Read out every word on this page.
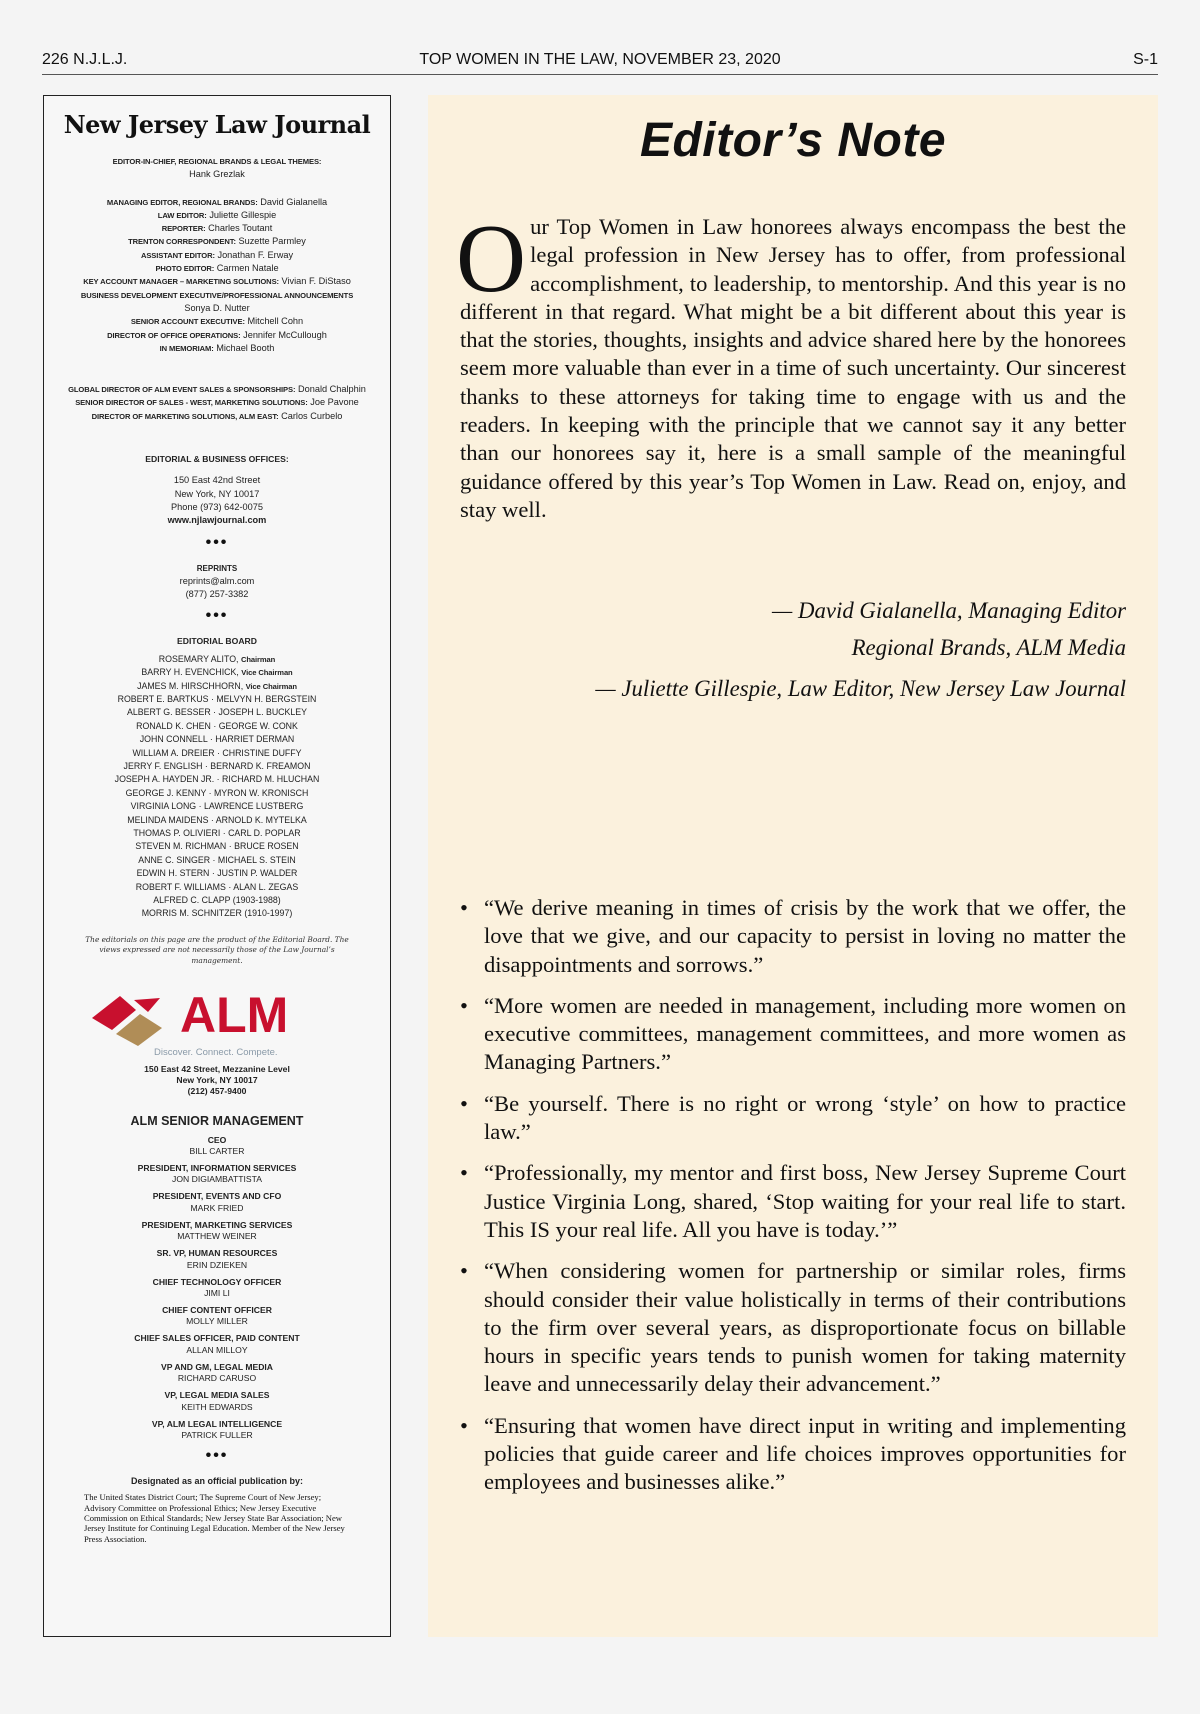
226 N.J.L.J.	TOP WOMEN IN THE LAW, NOVEMBER 23, 2020	S-1
New Jersey Law Journal
EDITOR-IN-CHIEF, REGIONAL BRANDS & LEGAL THEMES:
Hank Grezlak
MANAGING EDITOR, REGIONAL BRANDS: David Gialanella
LAW EDITOR: Juliette Gillespie
REPORTER: Charles Toutant
TRENTON CORRESPONDENT: Suzette Parmley
ASSISTANT EDITOR: Jonathan F. Erway
PHOTO EDITOR: Carmen Natale
KEY ACCOUNT MANAGER – MARKETING SOLUTIONS: Vivian F. DiStaso
BUSINESS DEVELOPMENT EXECUTIVE/PROFESSIONAL ANNOUNCEMENTS
Sonya D. Nutter
SENIOR ACCOUNT EXECUTIVE: Mitchell Cohn
DIRECTOR OF OFFICE OPERATIONS: Jennifer McCullough
IN MEMORIAM: Michael Booth
GLOBAL DIRECTOR OF ALM EVENT SALES & SPONSORSHIPS: Donald Chalphin
SENIOR DIRECTOR OF SALES - WEST, MARKETING SOLUTIONS: Joe Pavone
DIRECTOR OF MARKETING SOLUTIONS, ALM EAST: Carlos Curbelo
EDITORIAL & BUSINESS OFFICES:
150 East 42nd Street
New York, NY 10017
Phone (973) 642-0075
www.njlawjournal.com
•••
REPRINTS
reprints@alm.com
(877) 257-3382
•••
EDITORIAL BOARD
ROSEMARY ALITO, Chairman
BARRY H. EVENCHICK, Vice Chairman
JAMES M. HIRSCHHORN, Vice Chairman
ROBERT E. BARTKUS · MELVYN H. BERGSTEIN
ALBERT G. BESSER · JOSEPH L. BUCKLEY
RONALD K. CHEN · GEORGE W. CONK
JOHN CONNELL · HARRIET DERMAN
WILLIAM A. DREIER · CHRISTINE DUFFY
JERRY F. ENGLISH · BERNARD K. FREAMON
JOSEPH A. HAYDEN JR. · RICHARD M. HLUCHAN
GEORGE J. KENNY · MYRON W. KRONISCH
VIRGINIA LONG · LAWRENCE LUSTBERG
MELINDA MAIDENS · ARNOLD K. MYTELKA
THOMAS P. OLIVIERI · CARL D. POPLAR
STEVEN M. RICHMAN · BRUCE ROSEN
ANNE C. SINGER · MICHAEL S. STEIN
EDWIN H. STERN · JUSTIN P. WALDER
ROBERT F. WILLIAMS · ALAN L. ZEGAS
ALFRED C. CLAPP (1903-1988)
MORRIS M. SCHNITZER (1910-1997)
The editorials on this page are the product of the Editorial Board. The views expressed are not necessarily those of the Law Journal’s management.
ALM
Discover. Connect. Compete.
150 East 42 Street, Mezzanine Level
New York, NY 10017
(212) 457-9400
ALM SENIOR MANAGEMENT
CEO
BILL CARTER
PRESIDENT, INFORMATION SERVICES
JON DIGIAMBATTISTA
PRESIDENT, EVENTS AND CFO
MARK FRIED
PRESIDENT, MARKETING SERVICES
MATTHEW WEINER
SR. VP, HUMAN RESOURCES
ERIN DZIEKEN
CHIEF TECHNOLOGY OFFICER
JIMI LI
CHIEF CONTENT OFFICER
MOLLY MILLER
CHIEF SALES OFFICER, PAID CONTENT
ALLAN MILLOY
VP AND GM, LEGAL MEDIA
RICHARD CARUSO
VP, LEGAL MEDIA SALES
KEITH EDWARDS
VP, ALM LEGAL INTELLIGENCE
PATRICK FULLER
•••
Designated as an official publication by:
The United States District Court; The Supreme Court of New Jersey; Advisory Committee on Professional Ethics; New Jersey Executive Commission on Ethical Standards; New Jersey State Bar Association; New Jersey Institute for Continuing Legal Education. Member of the New Jersey Press Association.
Editor’s Note
Our Top Women in Law honorees always encompass the best the legal profession in New Jersey has to offer, from professional accomplishment, to leadership, to mentorship. And this year is no different in that regard. What might be a bit different about this year is that the stories, thoughts, insights and advice shared here by the honorees seem more valuable than ever in a time of such uncertainty. Our sincerest thanks to these attorneys for taking time to engage with us and the readers. In keeping with the principle that we cannot say it any better than our honorees say it, here is a small sample of the meaningful guidance offered by this year’s Top Women in Law. Read on, enjoy, and stay well.
— David Gialanella, Managing Editor
Regional Brands, ALM Media
— Juliette Gillespie, Law Editor, New Jersey Law Journal
• “We derive meaning in times of crisis by the work that we offer, the love that we give, and our capacity to persist in loving no matter the disappointments and sorrows.”
• “More women are needed in management, including more women on executive committees, management committees, and more women as Managing Partners.”
• “Be yourself. There is no right or wrong ‘style’ on how to practice law.”
• “Professionally, my mentor and first boss, New Jersey Supreme Court Justice Virginia Long, shared, ‘Stop waiting for your real life to start. This IS your real life. All you have is today.’”
• “When considering women for partnership or similar roles, firms should consider their value holistically in terms of their contributions to the firm over several years, as disproportionate focus on billable hours in specific years tends to punish women for taking maternity leave and unnecessarily delay their advancement.”
• “Ensuring that women have direct input in writing and implementing policies that guide career and life choices improves opportunities for employees and businesses alike.”
